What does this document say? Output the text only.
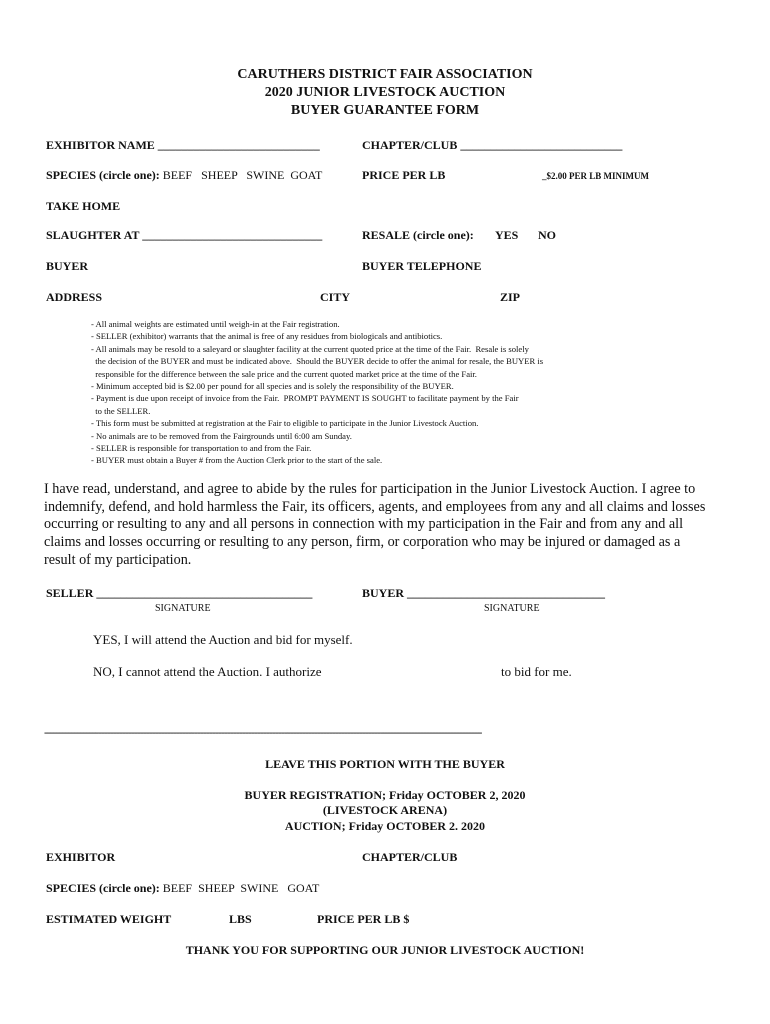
CARUTHERS DISTRICT FAIR ASSOCIATION
2020 JUNIOR LIVESTOCK AUCTION
BUYER GUARANTEE FORM
EXHIBITOR NAME ___________________________	CHAPTER/CLUB ___________________________
SPECIES (circle one): BEEF   SHEEP   SWINE  GOAT	PRICE PER LB	_$2.00 PER LB MINIMUM
TAKE HOME
SLAUGHTER AT ______________________________	RESALE (circle one): YES NO
BUYER	BUYER TELEPHONE
ADDRESS	CITY	ZIP
- All animal weights are estimated until weigh-in at the Fair registration.
- SELLER (exhibitor) warrants that the animal is free of any residues from biologicals and antibiotics.
- All animals may be resold to a saleyard or slaughter facility at the current quoted price at the time of the Fair.  Resale is solely
the decision of the BUYER and must be indicated above.  Should the BUYER decide to offer the animal for resale, the BUYER is
responsible for the difference between the sale price and the current quoted market price at the time of the Fair.
- Minimum accepted bid is $2.00 per pound for all species and is solely the responsibility of the BUYER.
- Payment is due upon receipt of invoice from the Fair.  PROMPT PAYMENT IS SOUGHT to facilitate payment by the Fair
to the SELLER.
- This form must be submitted at registration at the Fair to eligible to participate in the Junior Livestock Auction.
- No animals are to be removed from the Fairgrounds until 6:00 am Sunday.
- SELLER is responsible for transportation to and from the Fair.
- BUYER must obtain a Buyer # from the Auction Clerk prior to the start of the sale.
I have read, understand, and agree to abide by the rules for participation in the Junior Livestock Auction. I agree to indemnify, defend, and hold harmless the Fair, its officers, agents, and employees from any and all claims and losses occurring or resulting to any and all persons in connection with my participation in the Fair and from any and all claims and losses occurring or resulting to any person, firm, or corporation who may be injured or damaged as a result of my participation.
SELLER ____________________________________	BUYER _________________________________
SIGNATURE	SIGNATURE
YES, I will attend the Auction and bid for myself.
NO, I cannot attend the Auction. I authorize	to bid for me.
--------------------------------------------------------------------------------------------------------------------------------------------------
LEAVE THIS PORTION WITH THE BUYER
BUYER REGISTRATION; Friday OCTOBER 2, 2020
(LIVESTOCK ARENA)
AUCTION; Friday OCTOBER 2. 2020
EXHIBITOR	CHAPTER/CLUB
SPECIES (circle one): BEEF  SHEEP  SWINE   GOAT
ESTIMATED WEIGHT	LBS	PRICE PER LB $
THANK YOU FOR SUPPORTING OUR JUNIOR LIVESTOCK AUCTION!
